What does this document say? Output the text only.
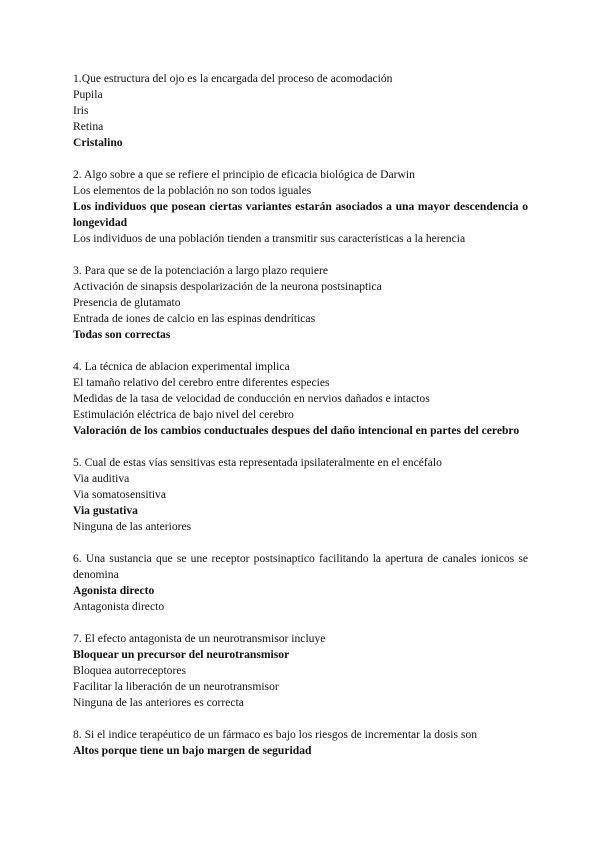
1.Que estructura del ojo es la encargada del proceso de acomodación
Pupila
Iris
Retina
Cristalino
2. Algo sobre a que se refiere el principio de eficacia biológica de Darwin
Los elementos de la población no son todos iguales
Los individuos que posean ciertas variantes estarán asociados a una mayor descendencia o longevidad
Los individuos de una población tienden a transmitir sus características a la herencia
3. Para que se de la potenciación a largo plazo requiere
Activación de sinapsis despolarización de la neurona postsinaptica
Presencia de glutamato
Entrada de iones de calcio en las espinas dendríticas
Todas son correctas
4. La técnica de ablacion experimental implica
El tamaño relativo del cerebro entre diferentes especies
Medidas de la tasa de velocidad de conducción en nervios dañados e intactos
Estimulación eléctrica de bajo nivel del cerebro
Valoración de los cambios conductuales despues del daño intencional en partes del cerebro
5. Cual de estas vías sensitivas esta representada ipsilateralmente en el encéfalo
Via auditiva
Via somatosensitiva
Via gustativa
Ninguna de las anteriores
6. Una sustancia que se une receptor postsinaptico facilitando la apertura de canales ionicos se denomina
Agonista directo
Antagonista directo
7. El efecto antagonista de un neurotransmisor incluye
Bloquear un precursor del neurotransmisor
Bloquea autorreceptores
Facilitar la liberación de un neurotransmisor
Ninguna de las anteriores es correcta
8. Si el indice terapéutico de un fármaco es bajo los riesgos de incrementar la dosis son
Altos porque tiene un bajo margen de seguridad
